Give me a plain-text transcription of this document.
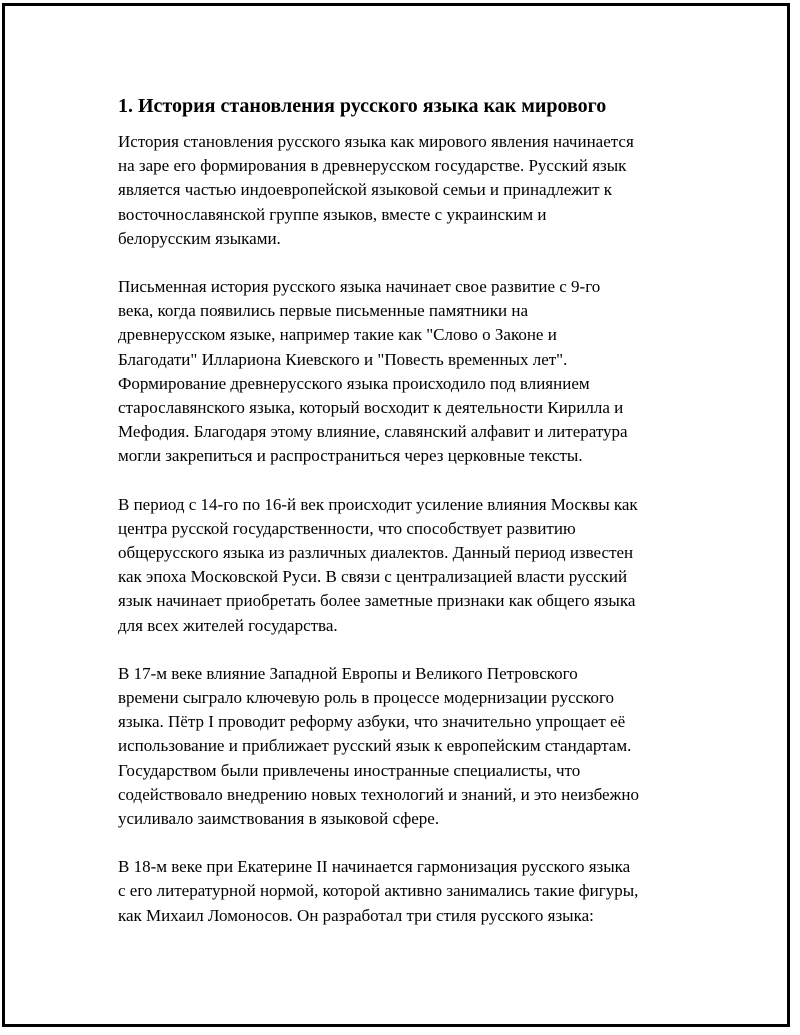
1. История становления русского языка как мирового

История становления русского языка как мирового явления начинается
на заре его формирования в древнерусском государстве. Русский язык
является частью индоевропейской языковой семьи и принадлежит к
восточнославянской группе языков, вместе с украинским и
белорусским языками.

Письменная история русского языка начинает свое развитие с 9-го
века, когда появились первые письменные памятники на
древнерусском языке, например такие как "Слово о Законе и
Благодати" Иллариона Киевского и "Повесть временных лет".
Формирование древнерусского языка происходило под влиянием
старославянского языка, который восходит к деятельности Кирилла и
Мефодия. Благодаря этому влияние, славянский алфавит и литература
могли закрепиться и распространиться через церковные тексты.

В период с 14-го по 16-й век происходит усиление влияния Москвы как
центра русской государственности, что способствует развитию
общерусского языка из различных диалектов. Данный период известен
как эпоха Московской Руси. В связи с централизацией власти русский
язык начинает приобретать более заметные признаки как общего языка
для всех жителей государства.

В 17-м веке влияние Западной Европы и Великого Петровского
времени сыграло ключевую роль в процессе модернизации русского
языка. Пётр I проводит реформу азбуки, что значительно упрощает её
использование и приближает русский язык к европейским стандартам.
Государством были привлечены иностранные специалисты, что
содействовало внедрению новых технологий и знаний, и это неизбежно
усиливало заимствования в языковой сфере.

В 18-м веке при Екатерине II начинается гармонизация русского языка
с его литературной нормой, которой активно занимались такие фигуры,
как Михаил Ломоносов. Он разработал три стиля русского языка:
